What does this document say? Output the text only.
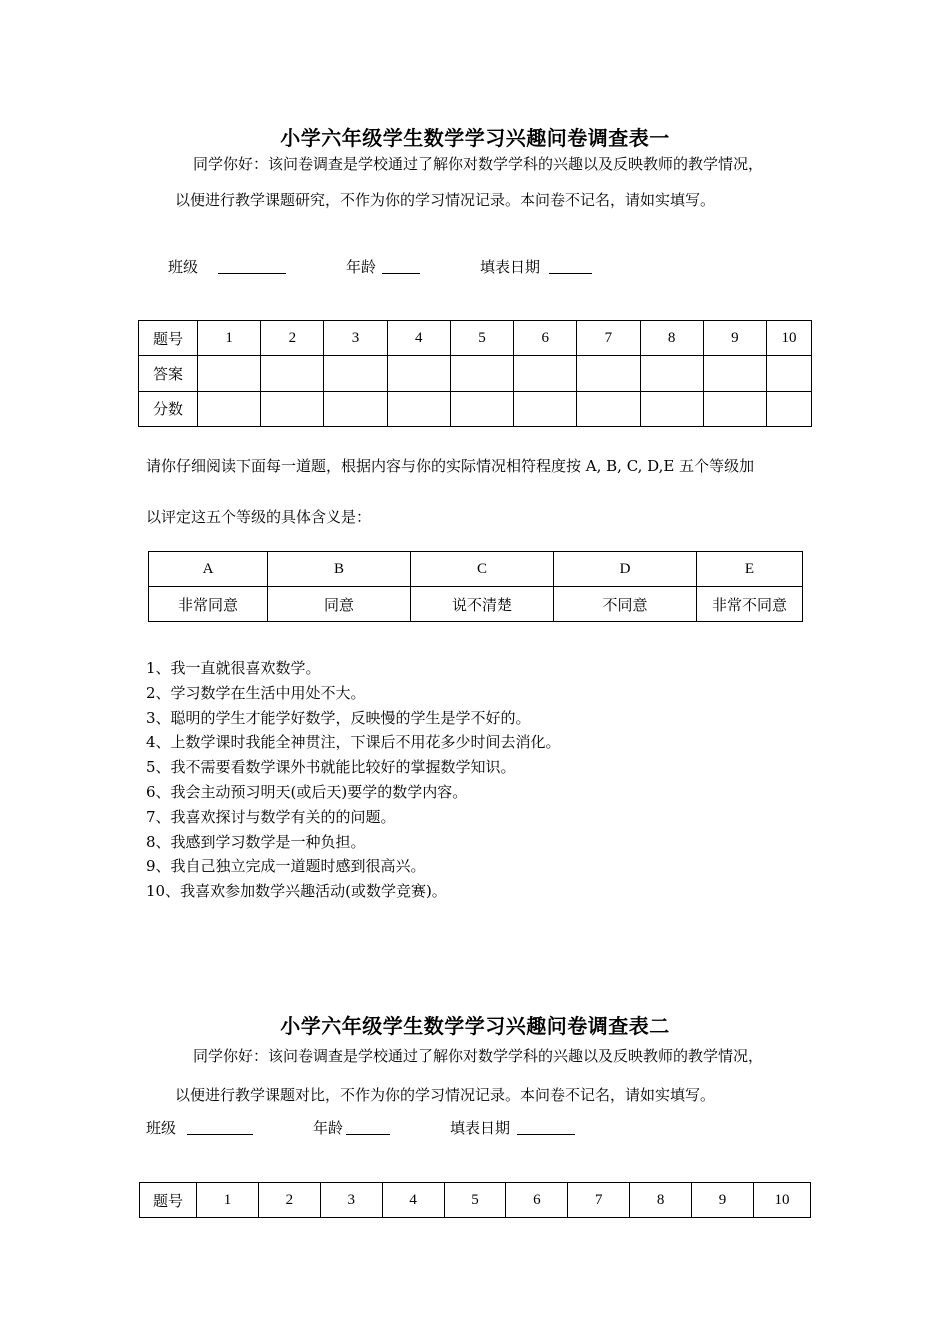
小学六年级学生数学学习兴趣问卷调查表一
同学你好：该问卷调查是学校通过了解你对数学学科的兴趣以及反映教师的教学情况，
以便进行教学课题研究，不作为你的学习情况记录。本问卷不记名，请如实填写。
班级	年龄	填表日期
题号	1	2	3	4	5	6	7	8	9	10
答案										
分数										
请你仔细阅读下面每一道题，根据内容与你的实际情况相符程度按 A, B, C, D,E 五个等级加
以评定这五个等级的具体含义是：
A	B	C	D	E
非常同意	同意	说不清楚	不同意	非常不同意
1、我一直就很喜欢数学。
2、学习数学在生活中用处不大。
3、聪明的学生才能学好数学，反映慢的学生是学不好的。
4、上数学课时我能全神贯注，下课后不用花多少时间去消化。
5、我不需要看数学课外书就能比较好的掌握数学知识。
6、我会主动预习明天(或后天)要学的数学内容。
7、我喜欢探讨与数学有关的的问题。
8、我感到学习数学是一种负担。
9、我自己独立完成一道题时感到很高兴。
10、我喜欢参加数学兴趣活动(或数学竞赛)。
小学六年级学生数学学习兴趣问卷调查表二
同学你好：该问卷调查是学校通过了解你对数学学科的兴趣以及反映教师的教学情况，
以便进行教学课题对比，不作为你的学习情况记录。本问卷不记名，请如实填写。
班级	年龄	填表日期
题号	1	2	3	4	5	6	7	8	9	10
